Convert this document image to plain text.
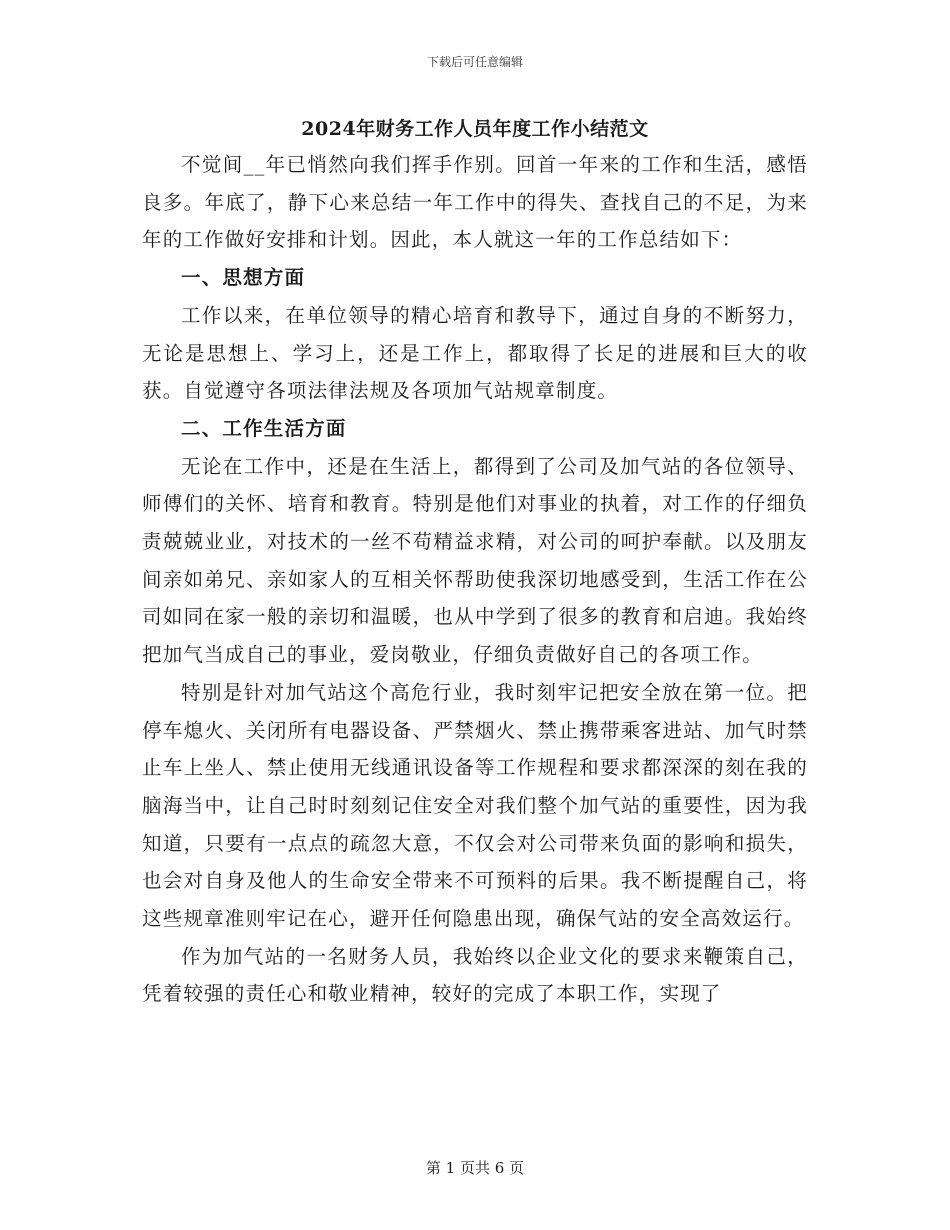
下载后可任意编辑
2024年财务工作人员年度工作小结范文

不觉间__年已悄然向我们挥手作别。回首一年来的工作和生活，感悟良多。年底了，静下心来总结一年工作中的得失、查找自己的不足，为来年的工作做好安排和计划。因此，本人就这一年的工作总结如下：

一、思想方面

工作以来，在单位领导的精心培育和教导下，通过自身的不断努力，无论是思想上、学习上，还是工作上，都取得了长足的进展和巨大的收获。自觉遵守各项法律法规及各项加气站规章制度。

二、工作生活方面

无论在工作中，还是在生活上，都得到了公司及加气站的各位领导、师傅们的关怀、培育和教育。特别是他们对事业的执着，对工作的仔细负责兢兢业业，对技术的一丝不苟精益求精，对公司的呵护奉献。以及朋友间亲如弟兄、亲如家人的互相关怀帮助使我深切地感受到，生活工作在公司如同在家一般的亲切和温暖，也从中学到了很多的教育和启迪。我始终把加气当成自己的事业，爱岗敬业，仔细负责做好自己的各项工作。

特别是针对加气站这个高危行业，我时刻牢记把安全放在第一位。把停车熄火、关闭所有电器设备、严禁烟火、禁止携带乘客进站、加气时禁止车上坐人、禁止使用无线通讯设备等工作规程和要求都深深的刻在我的脑海当中，让自己时时刻刻记住安全对我们整个加气站的重要性，因为我知道，只要有一点点的疏忽大意，不仅会对公司带来负面的影响和损失，也会对自身及他人的生命安全带来不可预料的后果。我不断提醒自己，将这些规章准则牢记在心，避开任何隐患出现，确保气站的安全高效运行。

作为加气站的一名财务人员，我始终以企业文化的要求来鞭策自己，凭着较强的责任心和敬业精神，较好的完成了本职工作，实现了

第 1 页共 6 页
